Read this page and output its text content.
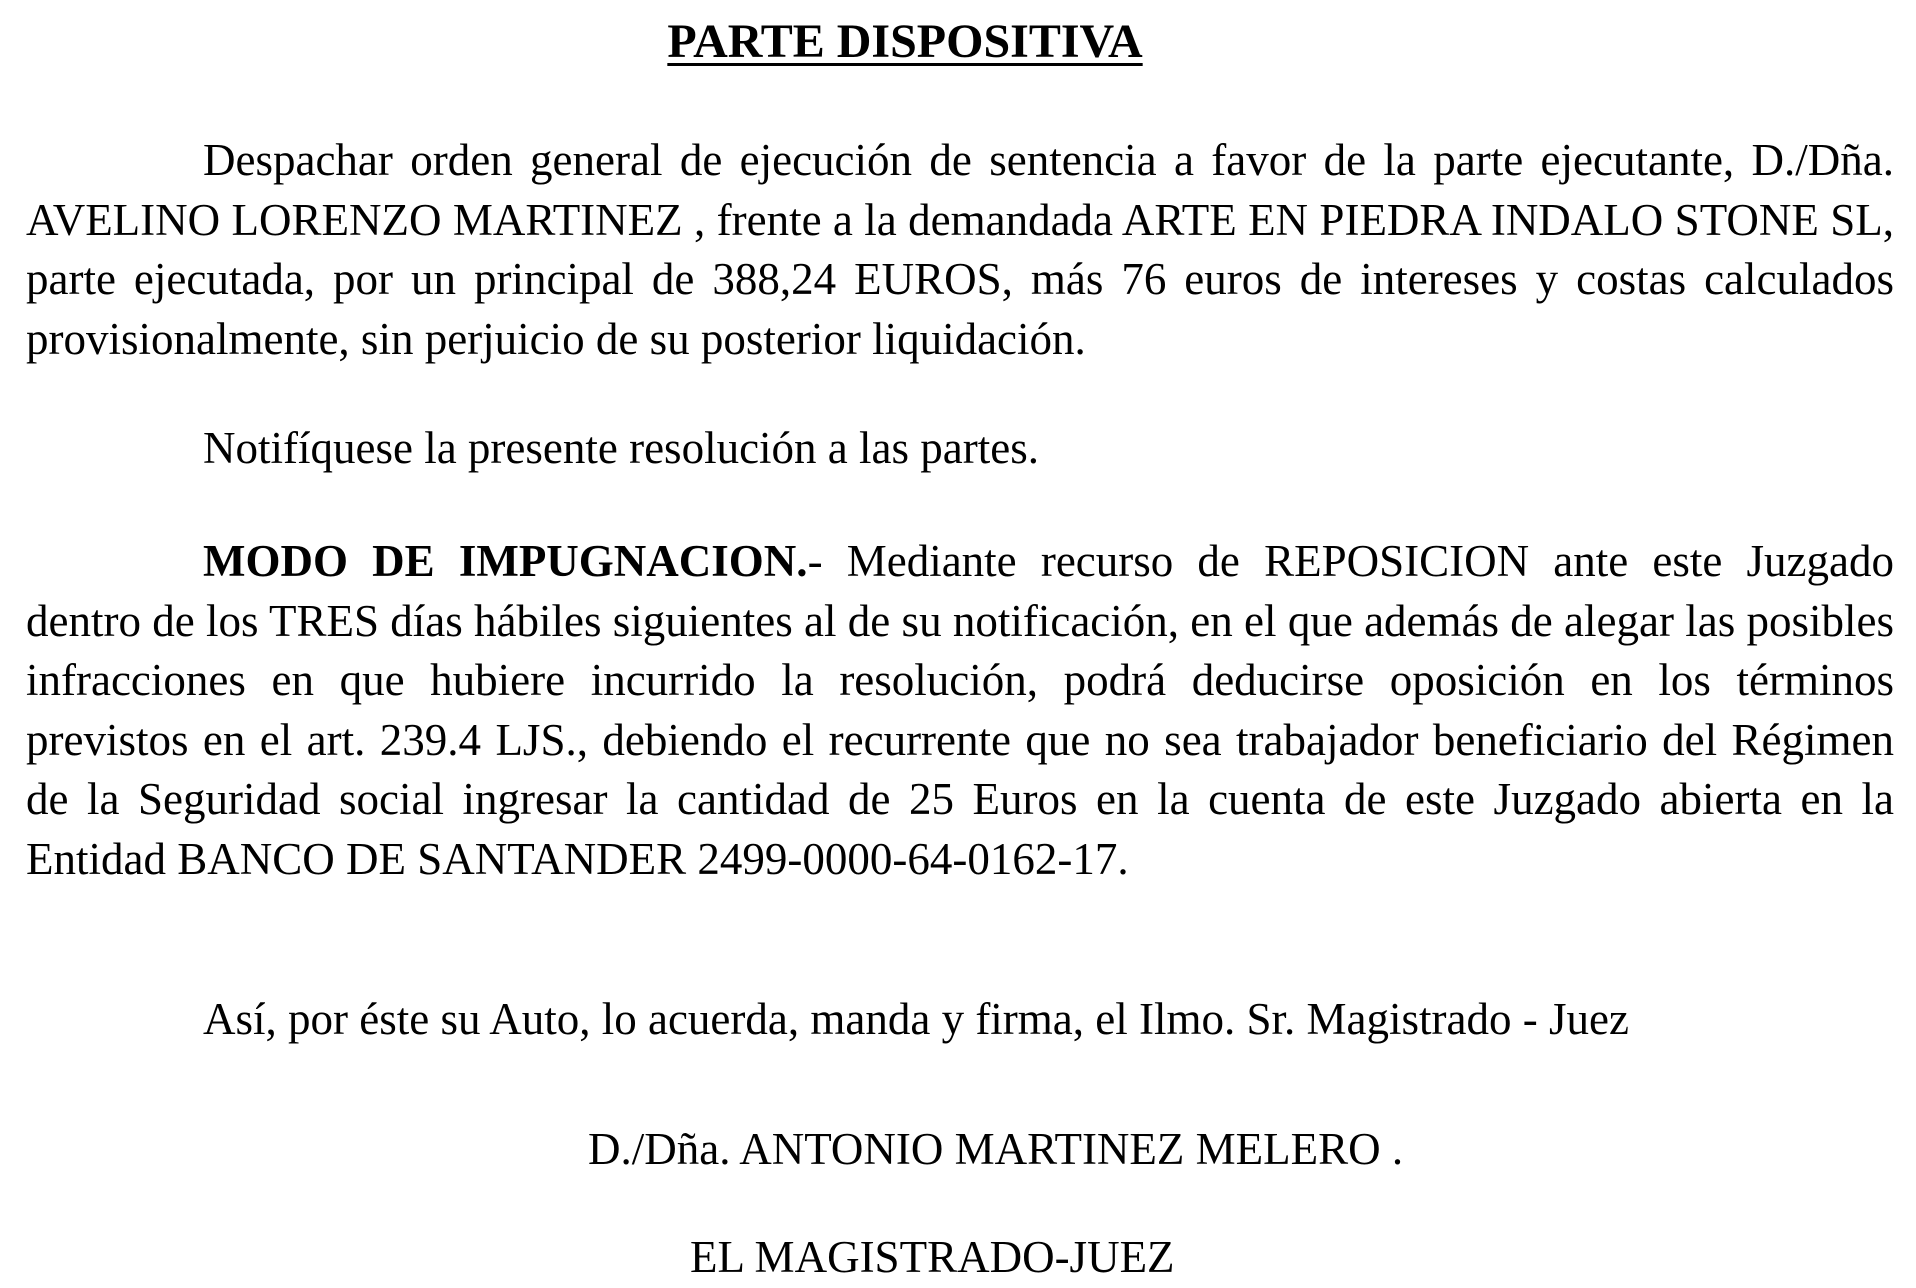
PARTE DISPOSITIVA

Despachar orden general de ejecución de sentencia a favor de la parte ejecutante, D./Dña. AVELINO LORENZO MARTINEZ , frente a la demandada ARTE EN PIEDRA INDALO STONE SL, parte ejecutada, por un principal de 388,24 EUROS, más 76 euros de intereses y costas calculados provisionalmente, sin perjuicio de su posterior liquidación.

Notifíquese la presente resolución a las partes.

MODO DE IMPUGNACION.- Mediante recurso de REPOSICION ante este Juzgado dentro de los TRES días hábiles siguientes al de su notificación, en el que además de alegar las posibles infracciones en que hubiere incurrido la resolución, podrá deducirse oposición en los términos previstos en el art. 239.4 LJS., debiendo el recurrente que no sea trabajador beneficiario del Régimen de la Seguridad social ingresar la cantidad de 25 Euros en la cuenta de este Juzgado abierta en la Entidad BANCO DE SANTANDER 2499-0000-64-0162-17.

Así, por éste su Auto, lo acuerda, manda y firma, el Ilmo. Sr. Magistrado - Juez

D./Dña. ANTONIO MARTINEZ MELERO .
EL MAGISTRADO-JUEZ
